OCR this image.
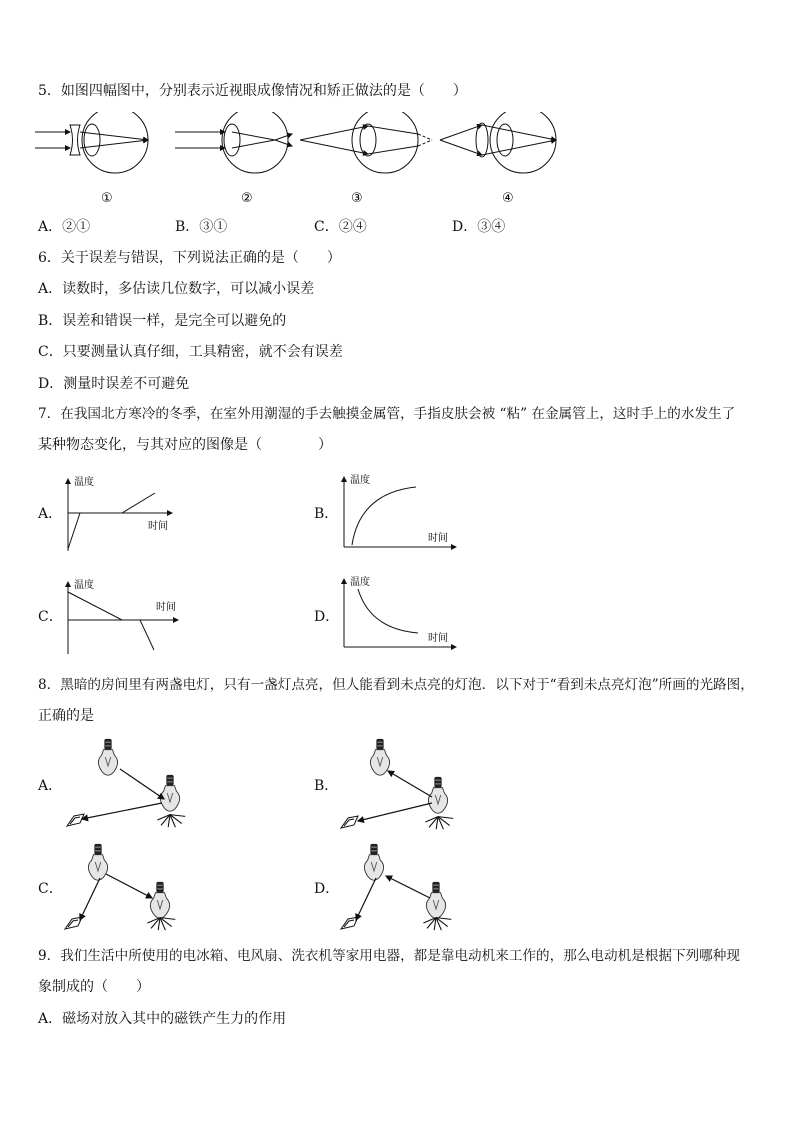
5．如图四幅图中，分别表示近视眼成像情况和矫正做法的是（　　）
①	②	③	④
A．②①	B．③①	C．②④	D．③④
6．关于误差与错误，下列说法正确的是（　　）
A．读数时，多估读几位数字，可以减小误差
B．误差和错误一样，是完全可以避免的
C．只要测量认真仔细，工具精密，就不会有误差
D．测量时误差不可避免
7．在我国北方寒冷的冬季，在室外用潮湿的手去触摸金属管，手指皮肤会被 “粘” 在金属管上，这时手上的水发生了
某种物态变化，与其对应的图像是（　　　　）
A．
温度
时间
B．
温度
时间
C．
温度
时间
D．
温度
时间
8．黑暗的房间里有两盏电灯，只有一盏灯点亮，但人能看到未点亮的灯泡．以下对于“看到未点亮灯泡”所画的光路图，
正确的是
A．	B．
C．	D．
9．我们生活中所使用的电冰箱、电风扇、洗衣机等家用电器，都是靠电动机来工作的，那么电动机是根据下列哪种现
象制成的（　　）
A．磁场对放入其中的磁铁产生力的作用
